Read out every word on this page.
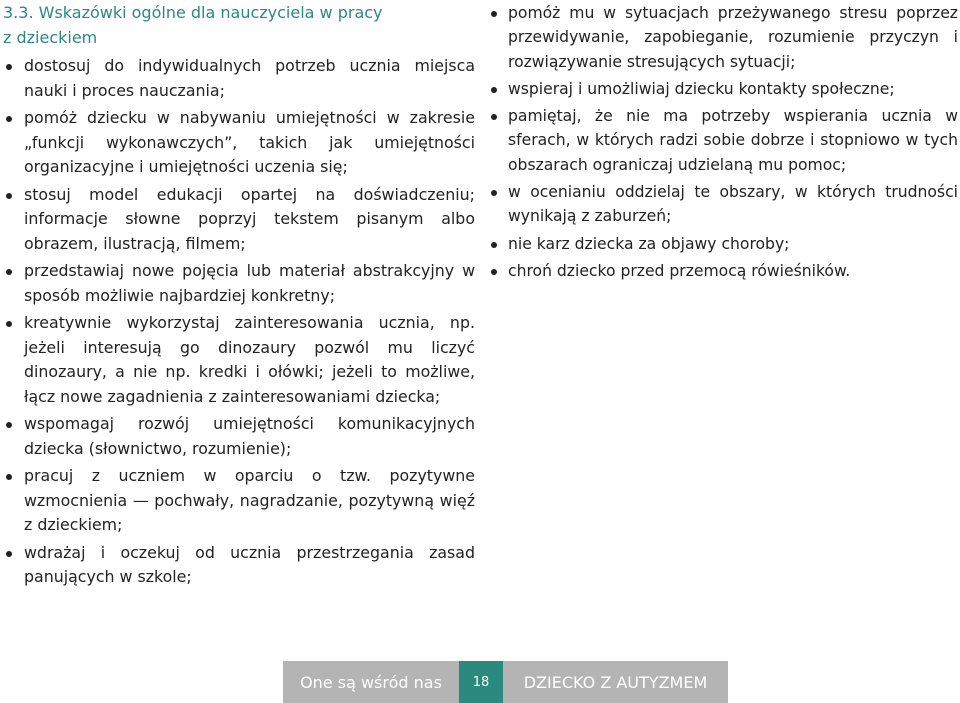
3.3. Wskazówki ogólne dla nauczyciela w pracy
z dzieckiem
dostosuj do indywidualnych potrzeb ucznia miejsca nauki i proces nauczania;
pomóż dziecku w nabywaniu umiejętności w zakresie „funkcji wykonawczych”, takich jak umiejętności organizacyjne i umiejętności uczenia się;
stosuj model edukacji opartej na doświadczeniu; informacje słowne poprzyj tekstem pisanym albo obrazem, ilustracją, filmem;
przedstawiaj nowe pojęcia lub materiał abstrakcyjny w sposób możliwie najbardziej konkretny;
kreatywnie wykorzystaj zainteresowania ucznia, np. jeżeli interesują go dinozaury pozwól mu liczyć dinozaury, a nie np. kredki i ołówki; jeżeli to możliwe, łącz nowe zagadnienia z zainteresowaniami dziecka;
wspomagaj rozwój umiejętności komunikacyjnych dziecka (słownictwo, rozumienie);
pracuj z uczniem w oparciu o tzw. pozytywne wzmocnienia — pochwały, nagradzanie, pozytywną więź z dzieckiem;
wdrażaj i oczekuj od ucznia przestrzegania zasad panujących w szkole;
pomóż mu w sytuacjach przeżywanego stresu poprzez przewidywanie, zapobieganie, rozumienie przyczyn i rozwiązywanie stresujących sytuacji;
wspieraj i umożliwiaj dziecku kontakty społeczne;
pamiętaj, że nie ma potrzeby wspierania ucznia w sferach, w których radzi sobie dobrze i stopniowo w tych obszarach ograniczaj udzielaną mu pomoc;
w ocenianiu oddzielaj te obszary, w których trudności wynikają z zaburzeń;
nie karz dziecka za objawy choroby;
chroń dziecko przed przemocą rówieśników.
One są wśród nas	18	DZIECKO Z AUTYZMEM
